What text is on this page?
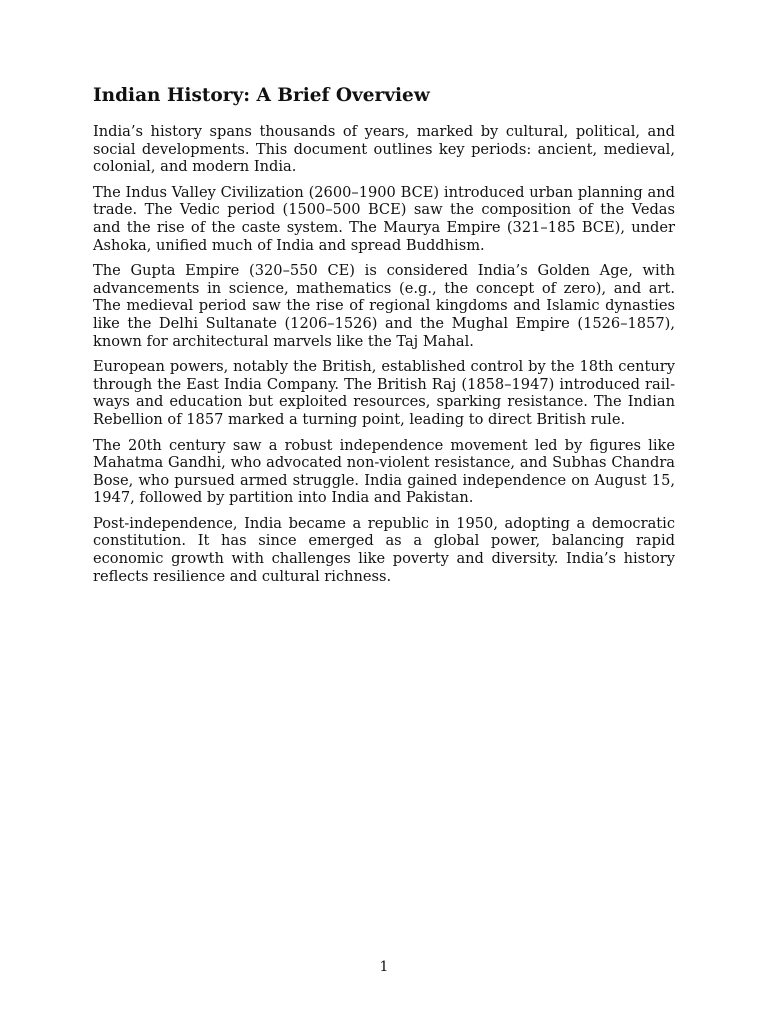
Indian History: A Brief Overview

India’s history spans thousands of years, marked by cultural, political, and social developments. This document outlines key periods: ancient, medieval, colonial, and modern India.

The Indus Valley Civilization (2600–1900 BCE) introduced urban planning and trade. The Vedic period (1500–500 BCE) saw the composition of the Vedas and the rise of the caste system. The Maurya Empire (321–185 BCE), under Ashoka, unified much of India and spread Buddhism.

The Gupta Empire (320–550 CE) is considered India’s Golden Age, with advancements in science, mathematics (e.g., the concept of zero), and art. The medieval period saw the rise of regional kingdoms and Islamic dynasties like the Delhi Sultanate (1206–1526) and the Mughal Empire (1526–1857), known for architectural marvels like the Taj Mahal.

European powers, notably the British, established control by the 18th century through the East India Company. The British Raj (1858–1947) introduced railways and education but exploited resources, sparking resistance. The Indian Rebellion of 1857 marked a turning point, leading to direct British rule.

The 20th century saw a robust independence movement led by figures like Mahatma Gandhi, who advocated non-violent resistance, and Subhas Chandra Bose, who pursued armed struggle. India gained independence on August 15, 1947, followed by partition into India and Pakistan.

Post-independence, India became a republic in 1950, adopting a democratic constitution. It has since emerged as a global power, balancing rapid economic growth with challenges like poverty and diversity. India’s history reflects resilience and cultural richness.

1
